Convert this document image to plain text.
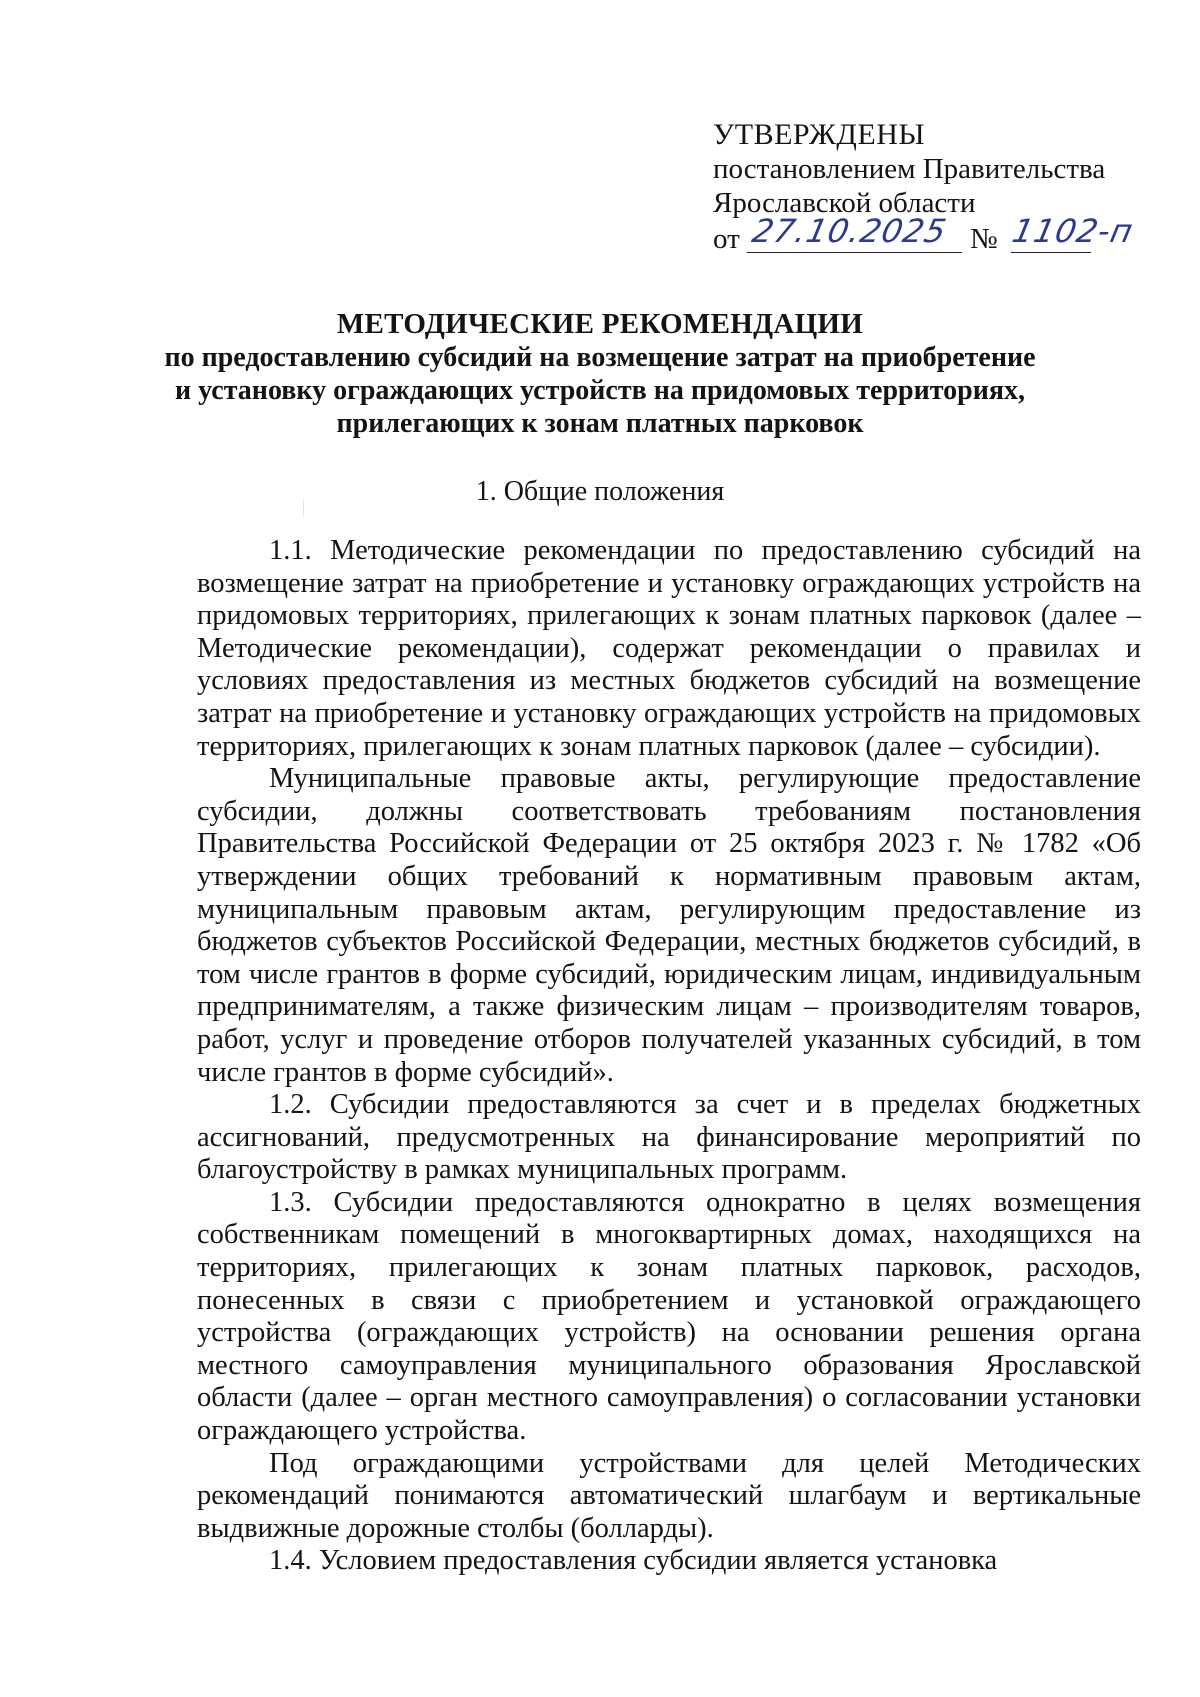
УТВЕРЖДЕНЫ
постановлением Правительства
Ярославской области
от 27.10.2025 № 1102-п
МЕТОДИЧЕСКИЕ РЕКОМЕНДАЦИИ
по предоставлению субсидий на возмещение затрат на приобретение
и установку ограждающих устройств на придомовых территориях,
прилегающих к зонам платных парковок
1. Общие положения

1.1. Методические рекомендации по предоставлению субсидий на возмещение затрат на приобретение и установку ограждающих устройств на придомовых территориях, прилегающих к зонам платных парковок (далее – Методические рекомендации), содержат рекомендации о правилах и условиях предоставления из местных бюджетов субсидий на возмещение затрат на приобретение и установку ограждающих устройств на придомовых территориях, прилегающих к зонам платных парковок (далее – субсидии).

Муниципальные правовые акты, регулирующие предоставление субсидии, должны соответствовать требованиям постановления Правительства Российской Федерации от 25 октября 2023 г. № 1782 «Об утверждении общих требований к нормативным правовым актам, муниципальным правовым актам, регулирующим предоставление из бюджетов субъектов Российской Федерации, местных бюджетов субсидий, в том числе грантов в форме субсидий, юридическим лицам, индивидуальным предпринимателям, а также физическим лицам – производителям товаров, работ, услуг и проведение отборов получателей указанных субсидий, в том числе грантов в форме субсидий».

1.2. Субсидии предоставляются за счет и в пределах бюджетных ассигнований, предусмотренных на финансирование мероприятий по благоустройству в рамках муниципальных программ.

1.3. Субсидии предоставляются однократно в целях возмещения собственникам помещений в многоквартирных домах, находящихся на территориях, прилегающих к зонам платных парковок, расходов, понесенных в связи с приобретением и установкой ограждающего устройства (ограждающих устройств) на основании решения органа местного самоуправления муниципального образования Ярославской области (далее – орган местного самоуправления) о согласовании установки ограждающего устройства.

Под ограждающими устройствами для целей Методических рекомендаций понимаются автоматический шлагбаум и вертикальные выдвижные дорожные столбы (болларды).

1.4. Условием предоставления субсидии является установка
